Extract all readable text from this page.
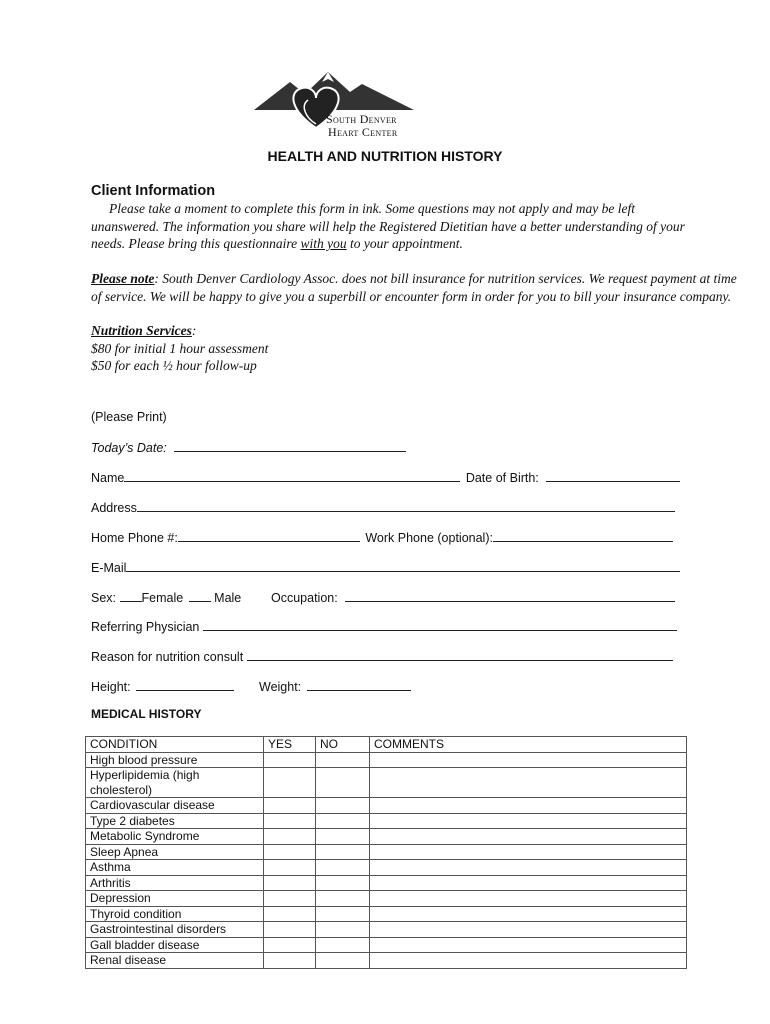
South Denver
Heart Center
HEALTH AND NUTRITION HISTORY
Client Information
Please take a moment to complete this form in ink. Some questions may not apply and may be left unanswered. The information you share will help the Registered Dietitian have a better understanding of your needs. Please bring this questionnaire with you to your appointment.
Please note: South Denver Cardiology Assoc. does not bill insurance for nutrition services. We request payment at time of service. We will be happy to give you a superbill or encounter form in order for you to bill your insurance company.
Nutrition Services:
$80 for initial 1 hour assessment
$50 for each ½ hour follow-up
(Please Print)
Today’s Date:
Name	Date of Birth:
Address
Home Phone #:	Work Phone (optional):
E-Mail
Sex: Female Male Occupation:
Referring Physician
Reason for nutrition consult
Height:	Weight:
MEDICAL HISTORY
CONDITION	YES	NO	COMMENTS
High blood pressure			
Hyperlipidemia (high cholesterol)			
Cardiovascular disease			
Type 2 diabetes			
Metabolic Syndrome			
Sleep Apnea			
Asthma			
Arthritis			
Depression			
Thyroid condition			
Gastrointestinal disorders			
Gall bladder disease			
Renal disease			
